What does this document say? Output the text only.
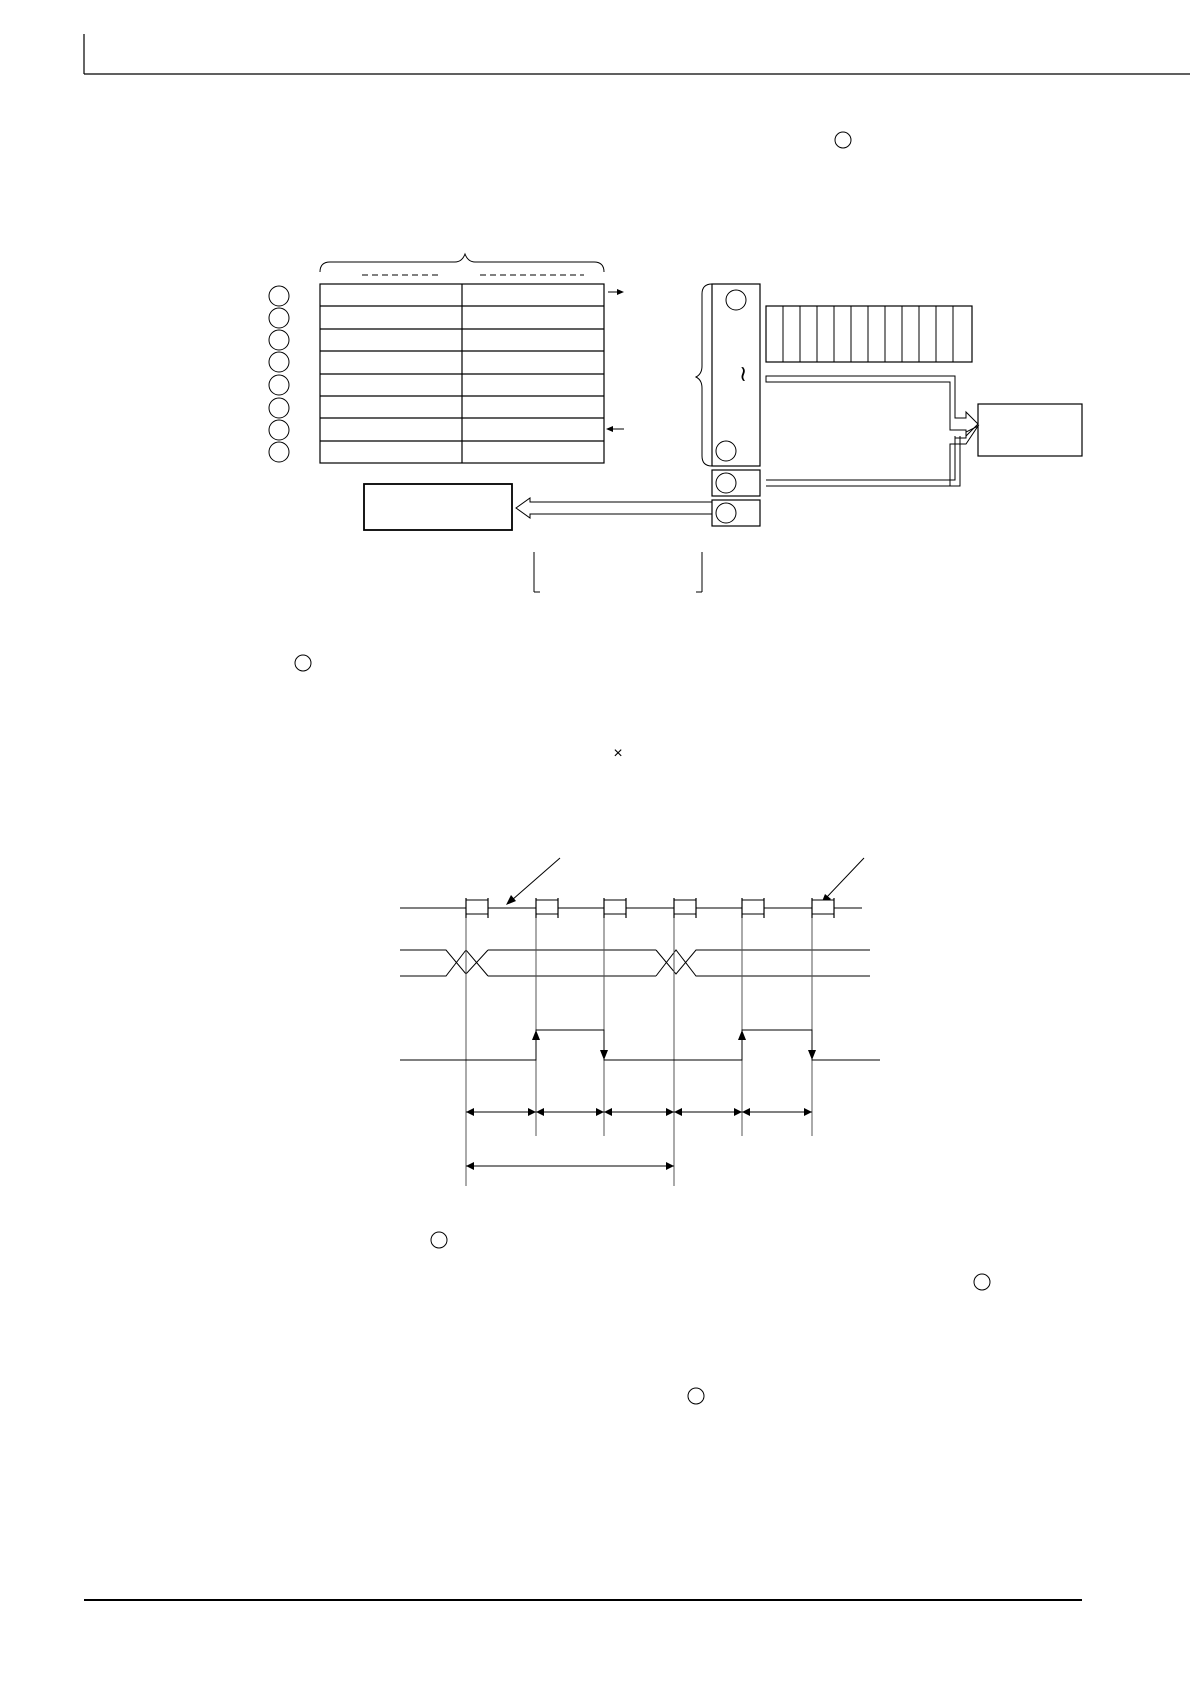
×
~
